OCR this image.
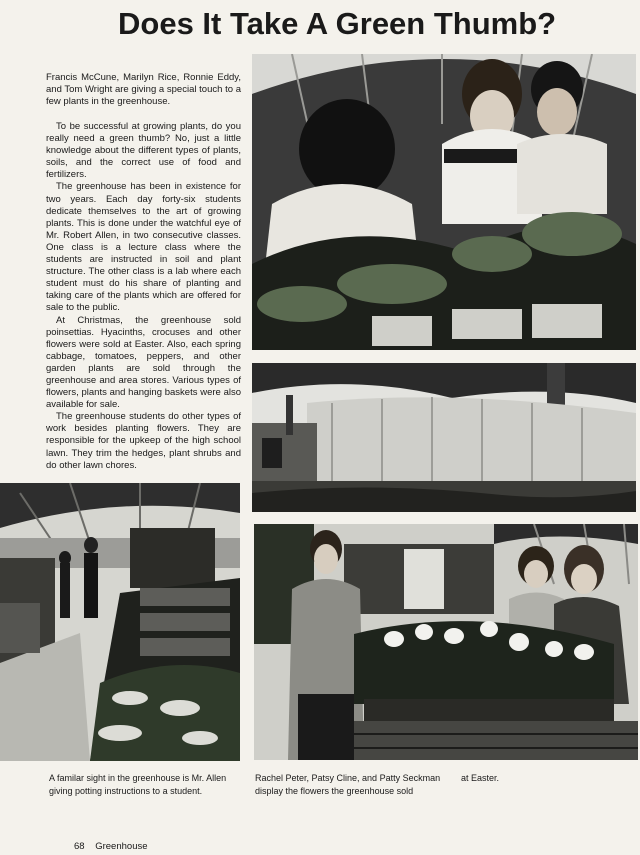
Does It Take A Green Thumb?

Francis McCune, Marilyn Rice, Ronnie Eddy, and Tom Wright are giving a special touch to a few plants in the greenhouse.

To be successful at growing plants, do you really need a green thumb? No, just a little knowledge about the different types of plants, soils, and the correct use of food and fertilizers.

The greenhouse has been in existence for two years. Each day forty-six students dedicate themselves to the art of growing plants. This is done under the watchful eye of Mr. Robert Allen, in two consecutive classes. One class is a lecture class where the students are instructed in soil and plant structure. The other class is a lab where each student must do his share of planting and taking care of the plants which are offered for sale to the public.

At Christmas, the greenhouse sold poinsettias. Hyacinths, crocuses and other flowers were sold at Easter. Also, each spring cabbage, tomatoes, peppers, and other garden plants are sold through the greenhouse and area stores. Various types of flowers, plants and hanging baskets were also available for sale.

The greenhouse students do other types of work besides planting flowers. They are responsible for the upkeep of the high school lawn. They trim the hedges, plant shrubs and do other lawn chores.

A familar sight in the greenhouse is Mr. Allen giving potting instructions to a student.
Rachel Peter, Patsy Cline, and Patty Seckman display the flowers the greenhouse sold
at Easter.
68 Greenhouse
